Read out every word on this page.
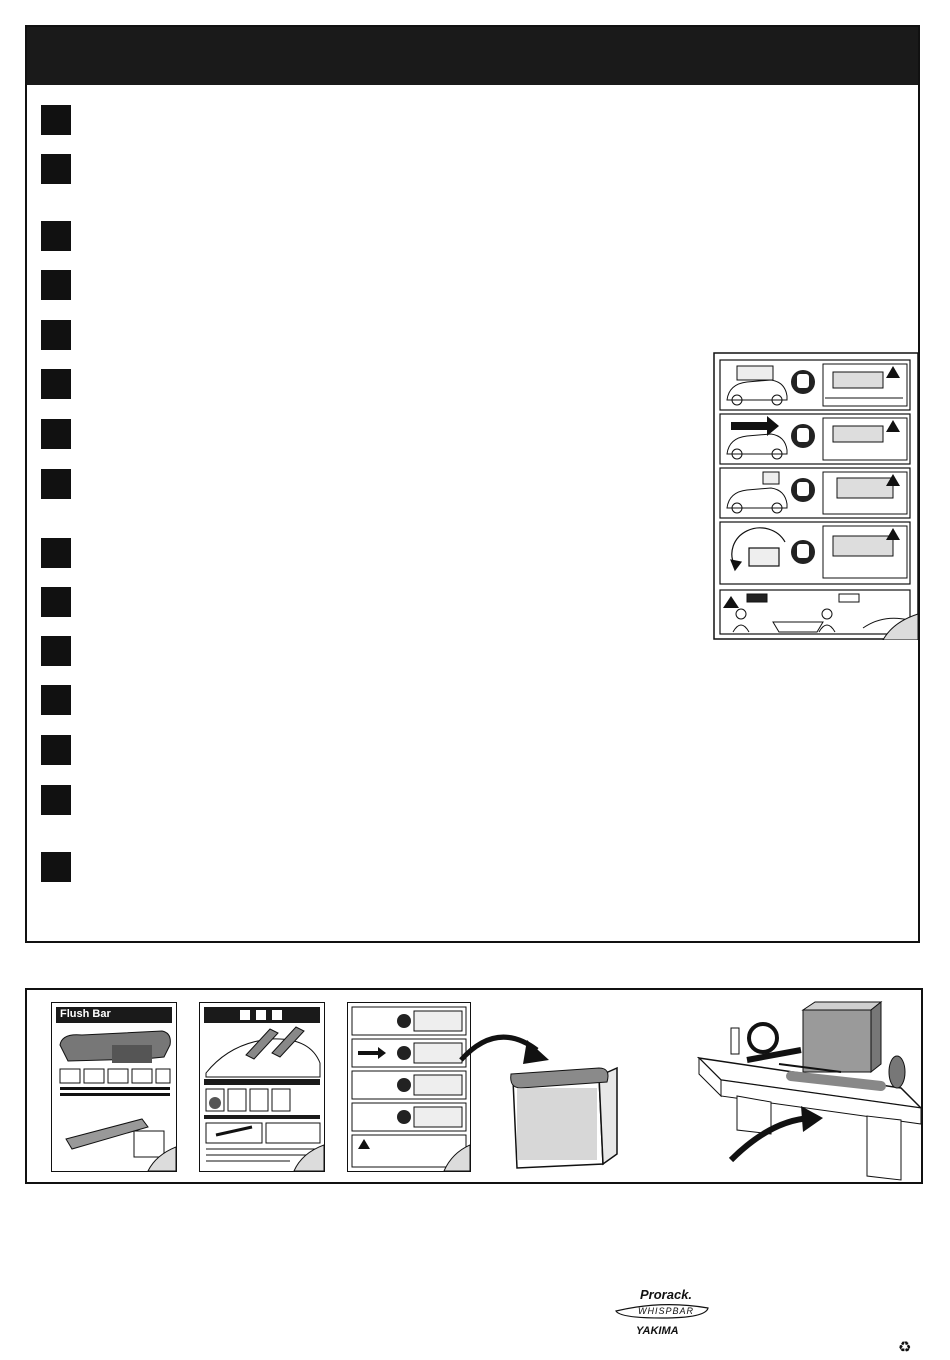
Flush Bar
Prorack.
WHISPBAR
YAKIMA
♻
